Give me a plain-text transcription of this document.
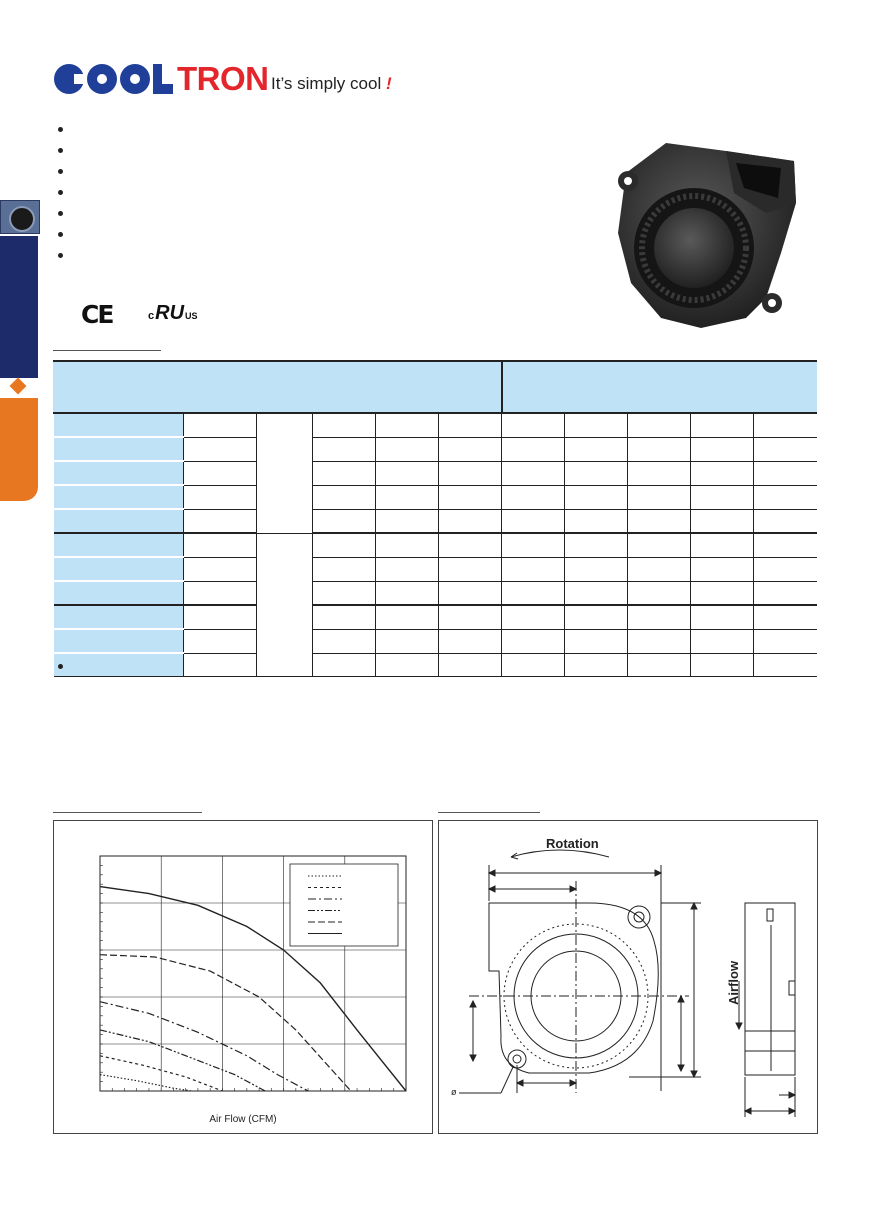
TRON It’s simply cool !
CE	c RU US

Air Flow (CFM)
Rotation
Airflow
ø
